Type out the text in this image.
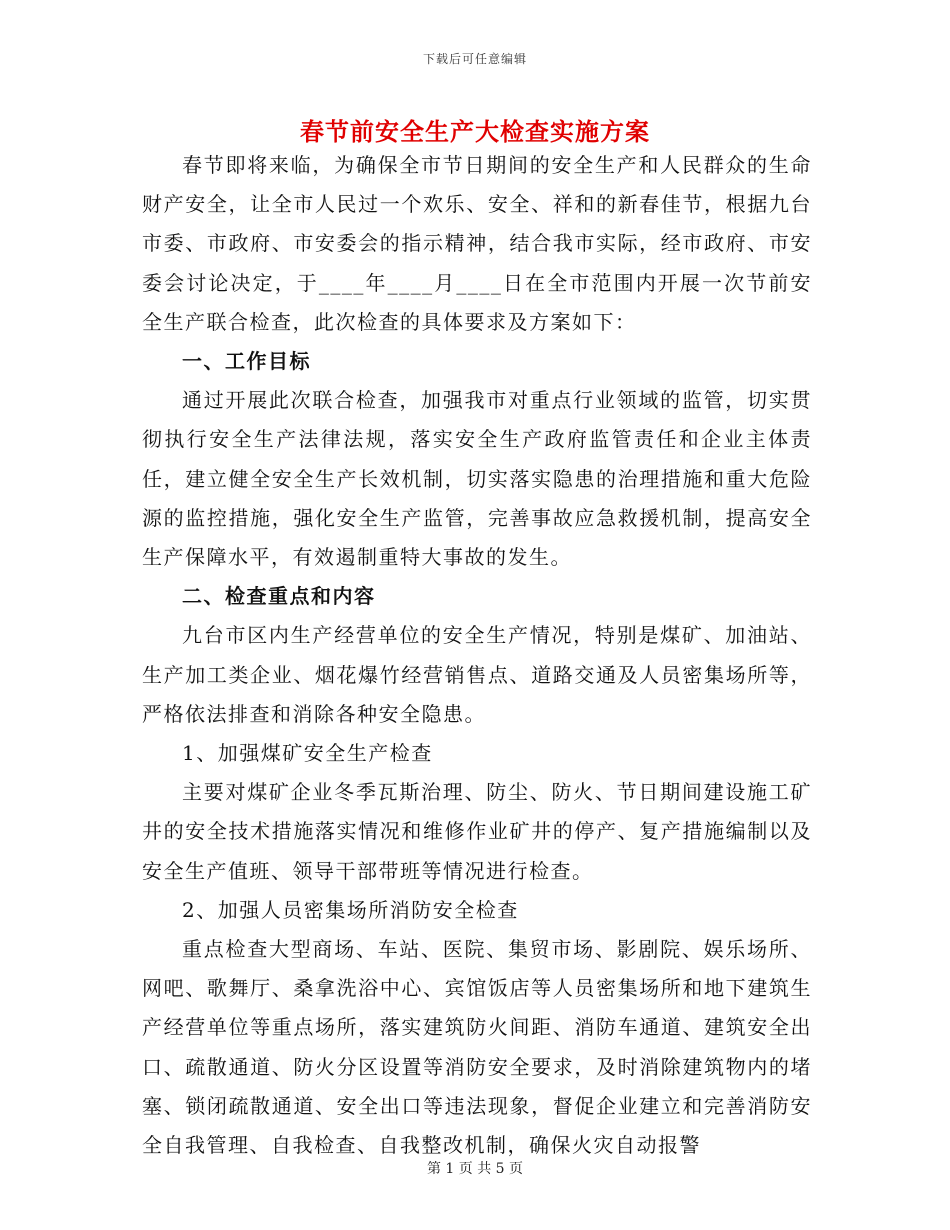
下载后可任意编辑
春节前安全生产大检查实施方案

春节即将来临，为确保全市节日期间的安全生产和人民群众的生命财产安全，让全市人民过一个欢乐、安全、祥和的新春佳节，根据九台市委、市政府、市安委会的指示精神，结合我市实际，经市政府、市安委会讨论决定，于____年____月____日在全市范围内开展一次节前安全生产联合检查，此次检查的具体要求及方案如下：

一、工作目标

通过开展此次联合检查，加强我市对重点行业领域的监管，切实贯彻执行安全生产法律法规，落实安全生产政府监管责任和企业主体责任，建立健全安全生产长效机制，切实落实隐患的治理措施和重大危险源的监控措施，强化安全生产监管，完善事故应急救援机制，提高安全生产保障水平，有效遏制重特大事故的发生。

二、检查重点和内容

九台市区内生产经营单位的安全生产情况，特别是煤矿、加油站、生产加工类企业、烟花爆竹经营销售点、道路交通及人员密集场所等，严格依法排查和消除各种安全隐患。

1、加强煤矿安全生产检查

主要对煤矿企业冬季瓦斯治理、防尘、防火、节日期间建设施工矿井的安全技术措施落实情况和维修作业矿井的停产、复产措施编制以及安全生产值班、领导干部带班等情况进行检查。

2、加强人员密集场所消防安全检查

重点检查大型商场、车站、医院、集贸市场、影剧院、娱乐场所、网吧、歌舞厅、桑拿洗浴中心、宾馆饭店等人员密集场所和地下建筑生产经营单位等重点场所，落实建筑防火间距、消防车通道、建筑安全出口、疏散通道、防火分区设置等消防安全要求，及时消除建筑物内的堵塞、锁闭疏散通道、安全出口等违法现象，督促企业建立和完善消防安全自我管理、自我检查、自我整改机制，确保火灾自动报警

第 1 页 共 5 页
